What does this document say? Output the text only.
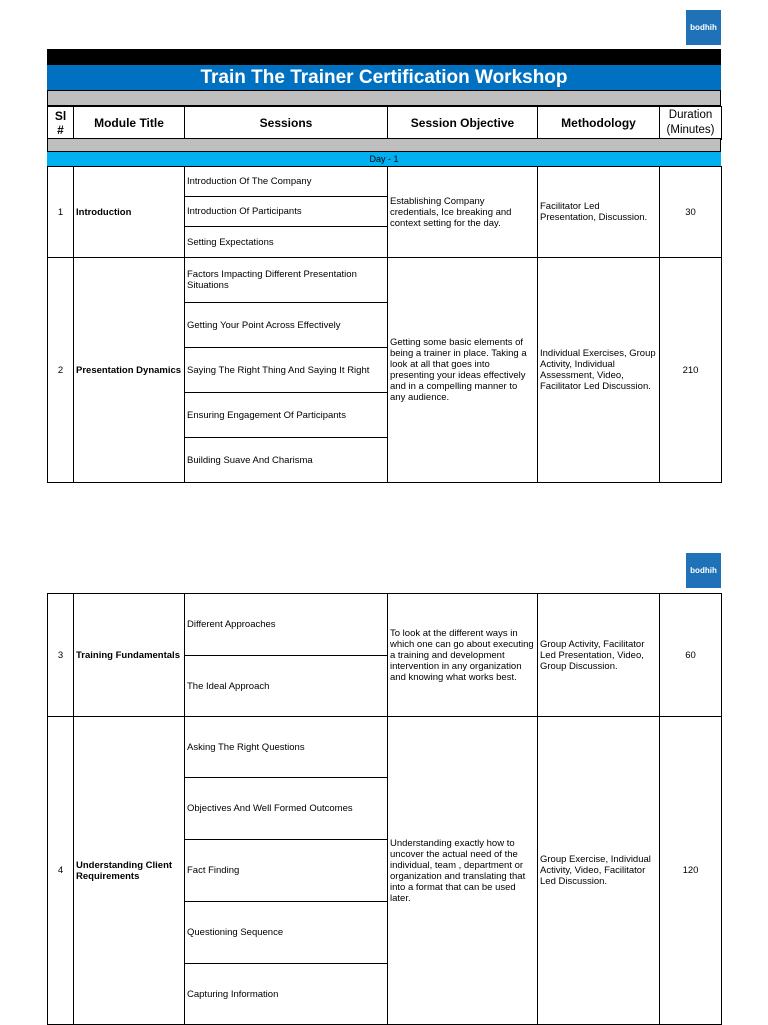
bodhih
Train The Trainer Certification Workshop
Sl #	Module Title	Sessions	Session Objective	Methodology	Duration (Minutes)
Day - 1
1	Introduction	Introduction Of The Company	Establishing Company credentials, Ice breaking and context setting for the day.	Facilitator Led Presentation, Discussion.	30
		Introduction Of Participants			
		Setting Expectations			
2	Presentation Dynamics	Factors Impacting Different Presentation Situations	Getting some basic elements of being a trainer in place. Taking a look at all that goes into presenting your ideas effectively and in a compelling manner to any audience.	Individual Exercises, Group Activity, Individual Assessment, Video, Facilitator Led Discussion.	210
		Getting Your Point Across Effectively			
		Saying The Right Thing And Saying It Right			
		Ensuring Engagement Of Participants			
		Building Suave And Charisma			
bodhih
3	Training Fundamentals	Different Approaches	To look at the different ways in which one can go about executing a training and development intervention in any organization and knowing what works best.	Group Activity, Facilitator Led Presentation, Video, Group Discussion.	60
		The Ideal Approach			
4	Understanding Client Requirements	Asking The Right Questions	Understanding exactly how to uncover the actual need of the individual, team , department or organization and translating that into a format that can be used later.	Group Exercise, Individual Activity, Video, Facilitator Led Discussion.	120
		Objectives And Well Formed Outcomes			
		Fact Finding			
		Questioning Sequence			
		Capturing Information			
